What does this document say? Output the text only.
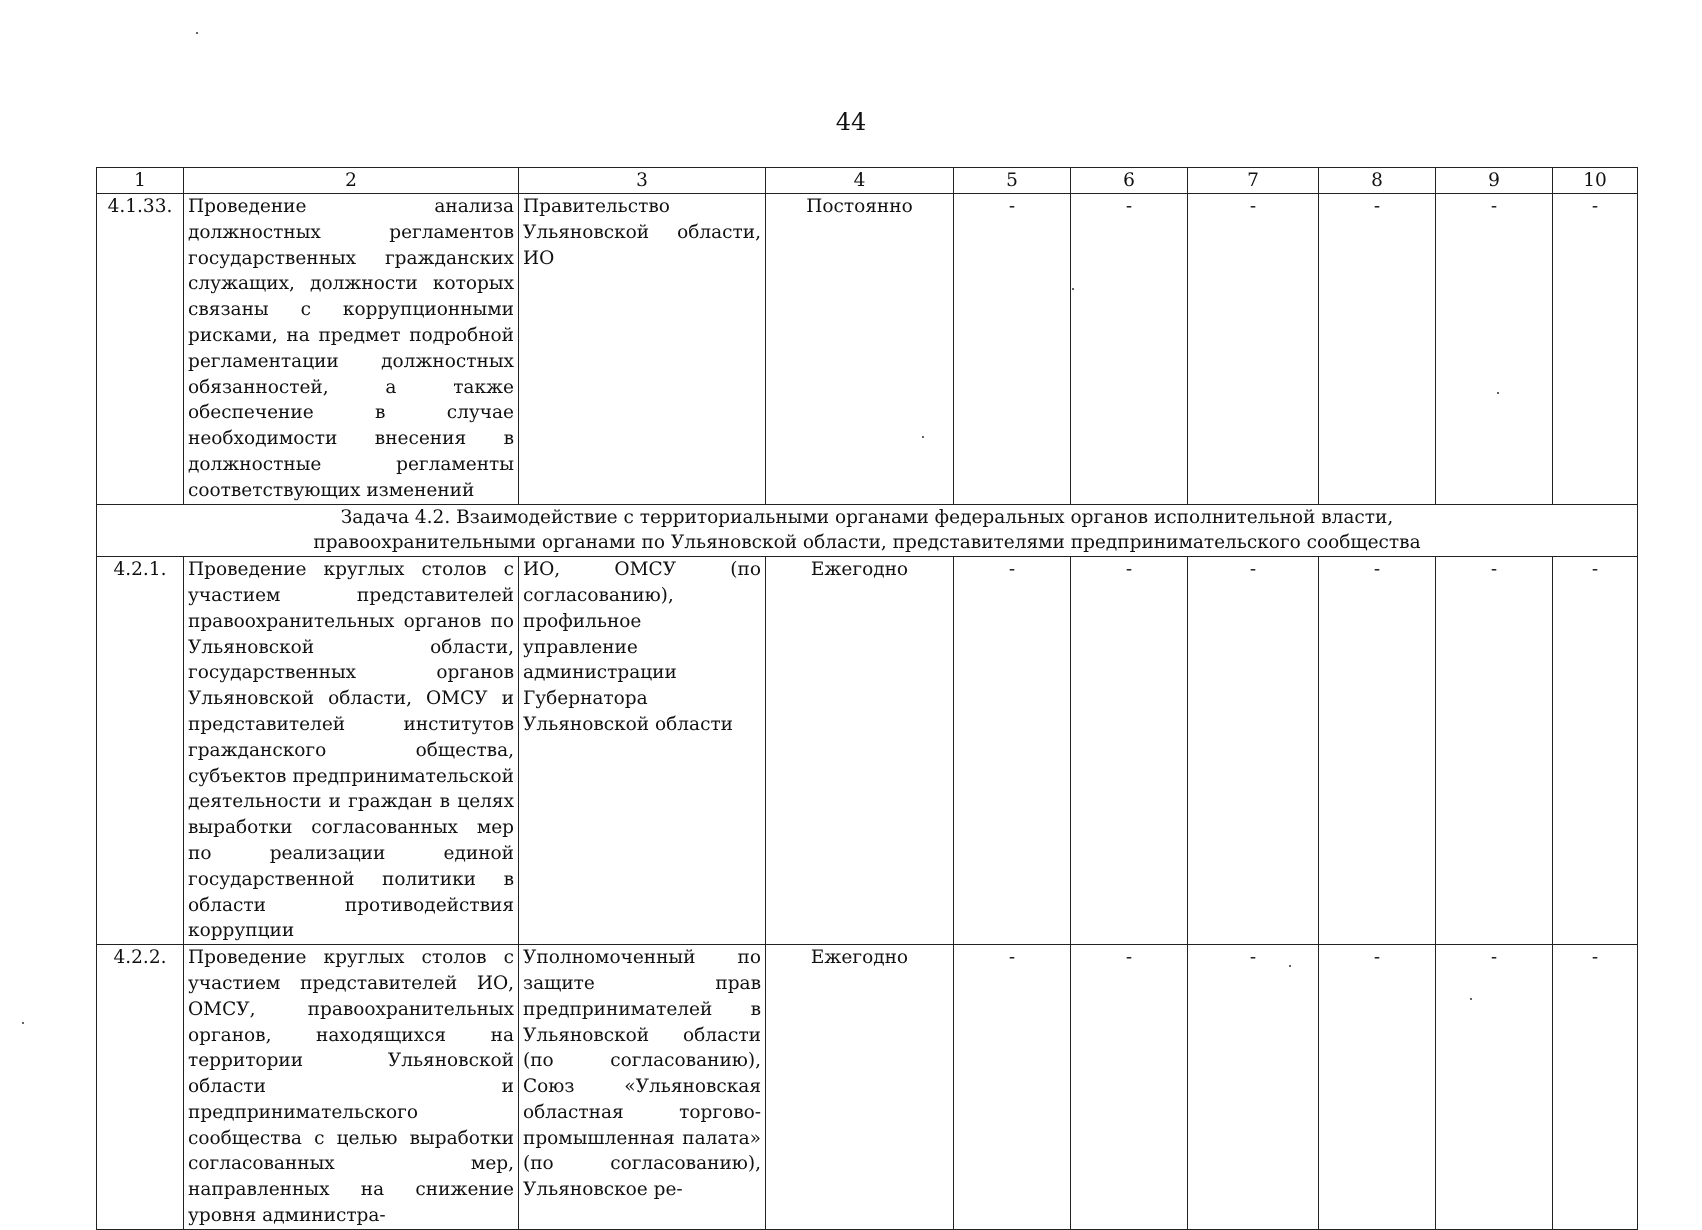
44
1	2	3	4	5	6	7	8	9	10
4.1.33.	Проведение анализа должностных регламентов государственных гражданских служащих, должности которых связаны с коррупционными рисками, на предмет подробной регламентации должностных обязанностей, а также обеспечение в случае необходимости внесения в должностные регламенты соответствующих изменений	Правительство Ульяновской области, ИО	Постоянно	-	-	-	-	-	-

Задача 4.2. Взаимодействие с территориальными органами федеральных органов исполнительной власти,
правоохранительными органами по Ульяновской области, представителями предпринимательского сообщества									

4.2.1.	Проведение круглых столов с участием представителей правоохранительных органов по Ульяновской области, государственных органов Ульяновской области, ОМСУ и представителей институтов гражданского общества, субъектов предпринимательской деятельности и граждан в целях выработки согласованных мер по реализации единой государственной политики в области противодействия коррупции	ИО, ОМСУ (по согласованию), профильное управление администрации Губернатора Ульяновской области	Ежегодно	-	-	-	-	-	-
4.2.2.	Проведение круглых столов с участием представителей ИО, ОМСУ, правоохранительных органов, находящихся на территории Ульяновской области и предпринимательского сообщества с целью выработки согласованных мер, направленных на снижение уровня администра-	Уполномоченный по защите прав предпринимателей в Ульяновской области (по согласованию), Союз «Ульяновская областная торгово-промышленная палата» (по согласованию), Ульяновское ре-	Ежегодно	-	-	-	-	-	-
